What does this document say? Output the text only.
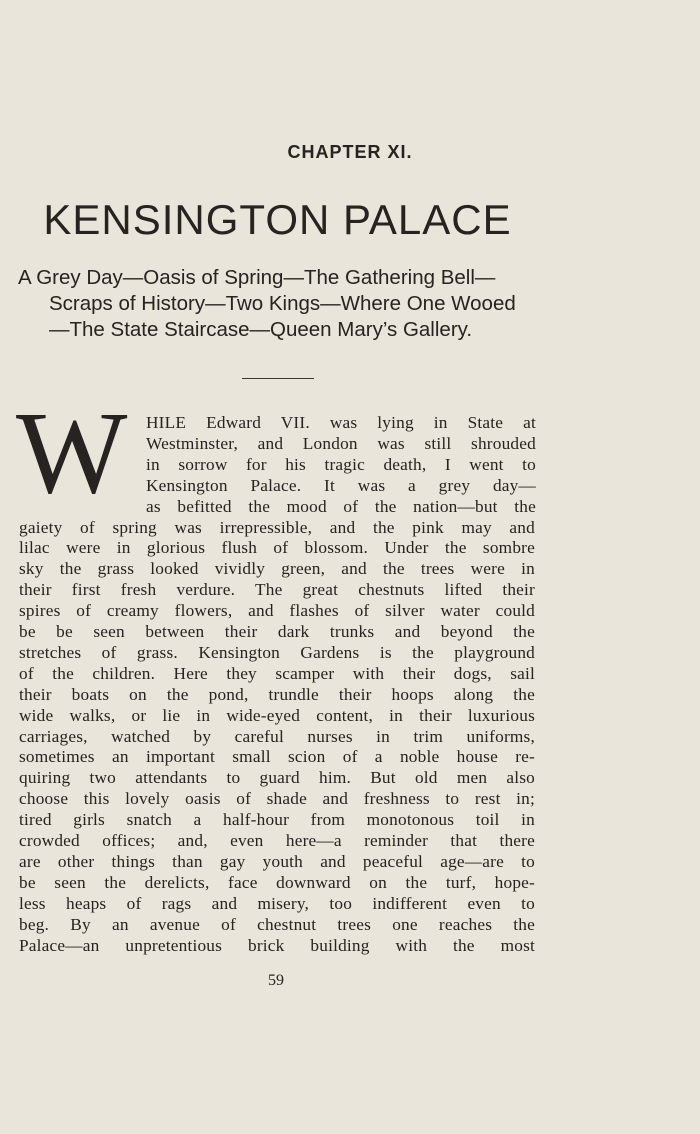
CHAPTER XI.
KENSINGTON PALACE
A Grey Day—Oasis of Spring—The Gathering Bell—
Scraps of History—Two Kings—Where One Wooed
—The State Staircase—Queen Mary’s Gallery.
W HILE Edward VII. was lying in State at
Westminster, and London was still shrouded
in sorrow for his tragic death, I went to
Kensington Palace. It was a grey day—
as befitted the mood of the nation—but the
gaiety of spring was irrepressible, and the pink may and
lilac were in glorious flush of blossom. Under the sombre
sky the grass looked vividly green, and the trees were in
their first fresh verdure. The great chestnuts lifted their
spires of creamy flowers, and flashes of silver water could
be be seen between their dark trunks and beyond the
stretches of grass. Kensington Gardens is the playground
of the children. Here they scamper with their dogs, sail
their boats on the pond, trundle their hoops along the
wide walks, or lie in wide-eyed content, in their luxurious
carriages, watched by careful nurses in trim uniforms,
sometimes an important small scion of a noble house re-
quiring two attendants to guard him. But old men also
choose this lovely oasis of shade and freshness to rest in;
tired girls snatch a half-hour from monotonous toil in
crowded offices; and, even here—a reminder that there
are other things than gay youth and peaceful age—are to
be seen the derelicts, face downward on the turf, hope-
less heaps of rags and misery, too indifferent even to
beg. By an avenue of chestnut trees one reaches the
Palace—an unpretentious brick building with the most
59
